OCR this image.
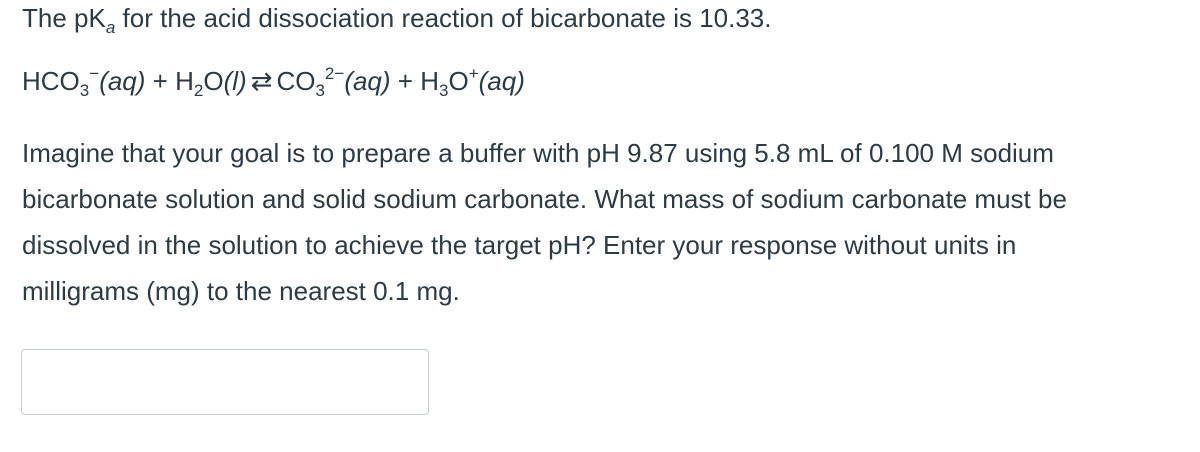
The $pK_a$ for the acid dissociation reaction of bicarbonate is 10.33.

$HCO_3^-(aq) + H_2O(l)$ ⇄ $CO_3^{2-}(aq) + H_3O^+(aq)$

Imagine that your goal is to prepare a buffer with pH 9.87 using 5.8 mL of 0.100 M sodium
bicarbonate solution and solid sodium carbonate. What mass of sodium carbonate must be
dissolved in the solution to achieve the target pH? Enter your response without units in
milligrams (mg) to the nearest 0.1 mg.
